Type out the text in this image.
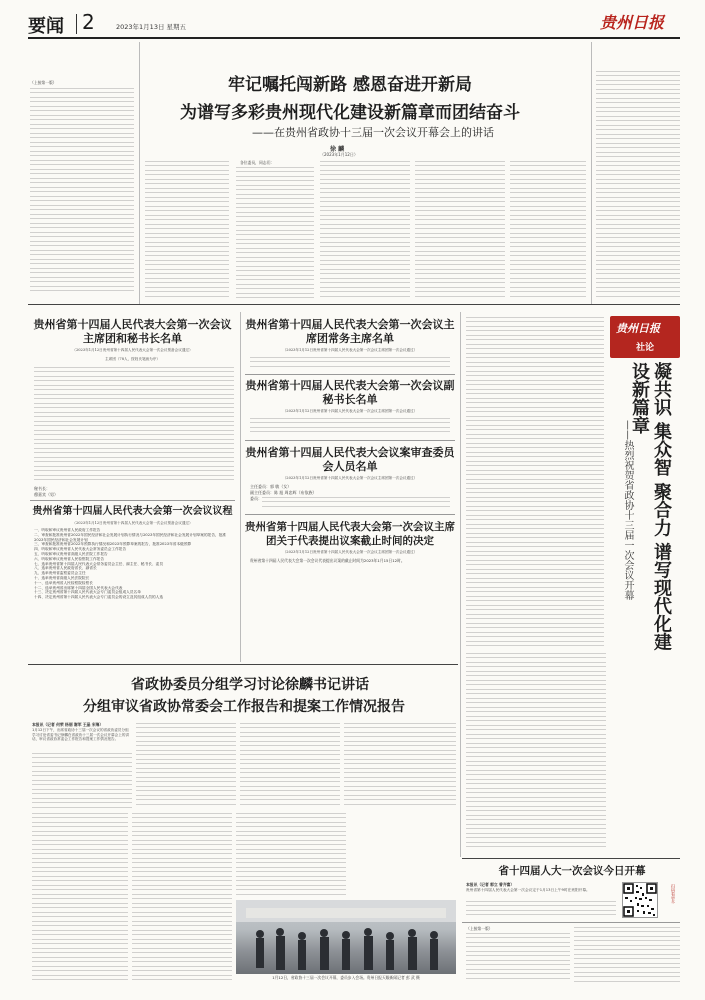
要闻 2	2023年1月13日 星期五	贵州日报
（上接第一版）	牢记嘱托闯新路 感恩奋进开新局
为谱写多彩贵州现代化建设新篇章而团结奋斗
——在贵州省政协十三届一次会议开幕会上的讲话
徐 麟
（2023年1月12日）
各位委员，同志们：
贵州省第十四届人民代表大会第一次会议主席团和秘书长名单
（2023年1月12日贵州省第十四届人民代表大会第一次会议预备会议通过）
主席团（78人，按姓氏笔画为序）
秘书长：
穆嘉宾（男）
贵州省第十四届人民代表大会第一次会议议程
（2023年1月12日贵州省第十四届人民代表大会第一次会议预备会议通过）
一、听取和审议贵州省人民政府工作报告
二、审查和批准贵州省2022年国民经济和社会发展计划执行情况与2023年国民经济和社会发展计划草案的报告，批准2023年国民经济和社会发展计划
三、审查和批准贵州省2022年预算执行情况和2023年预算草案的报告，批准2023年省本级预算
四、听取和审议贵州省人民代表大会常务委员会工作报告
五、听取和审议贵州省高级人民法院工作报告
六、听取和审议贵州省人民检察院工作报告
七、选举贵州省第十四届人民代表大会常务委员会主任、副主任、秘书长、委员
八、选举贵州省人民政府省长、副省长
九、选举贵州省监察委员会主任
十、选举贵州省高级人民法院院长
十一、选举贵州省人民检察院检察长
十二、选举贵州省出席第十四届全国人民代表大会代表
十三、决定贵州省第十四届人民代表大会专门委员会组成人员名单
十四、决定贵州省第十四届人民代表大会专门委员会的设立及其组成人员的人选
贵州省第十四届人民代表大会第一次会议主席团常务主席名单
（2023年1月12日贵州省第十四届人民代表大会第一次会议主席团第一次会议通过）
贵州省第十四届人民代表大会第一次会议副秘书长名单
（2023年1月12日贵州省第十四届人民代表大会第一次会议主席团第一次会议通过）
贵州省第十四届人民代表大会议案审查委员会人员名单
（2023年1月12日贵州省第十四届人民代表大会第一次会议主席团第一次会议通过）
主任委员：郭 敏（女）
副主任委员：陈 旭 周忠辉（布依族）
委员：
贵州省第十四届人民代表大会第一次会议主席团关于代表提出议案截止时间的决定
（2023年1月12日贵州省第十四届人民代表大会第一次会议主席团第一次会议通过）
贵州省第十四届人民代表大会第一次会议代表提出议案的截止时间为2023年1月15日12时。
贵州日报
社论
凝共识 集众智 聚合力 谱写现代化建设新篇章
——热烈祝贺省政协十三届一次会议开幕
省政协委员分组学习讨论徐麟书记讲话
分组审议省政协常委会工作报告和提案工作情况报告
本报讯（记者 何荣 杨丽 谢军 王晶 宋瑞）
1月12日下午，出席省政协十三届一次会议的省政协委员分组学习讨论省委书记徐麟在省政协十三届一次会议开幕会上的讲话，审议省政协常委会工作报告和提案工作情况报告。
1月12日，省政协十三届一次会议开幕，委员步入会场。贵州日报天眼新闻记者 彭 武 摄
省十四届人大一次会议今日开幕
本报讯（记者 郭立 曾齐富）
贵州省第十四届人民代表大会第一次会议定于1月13日上午9时在贵阳开幕。	扫码看更多
（上接第一版）
